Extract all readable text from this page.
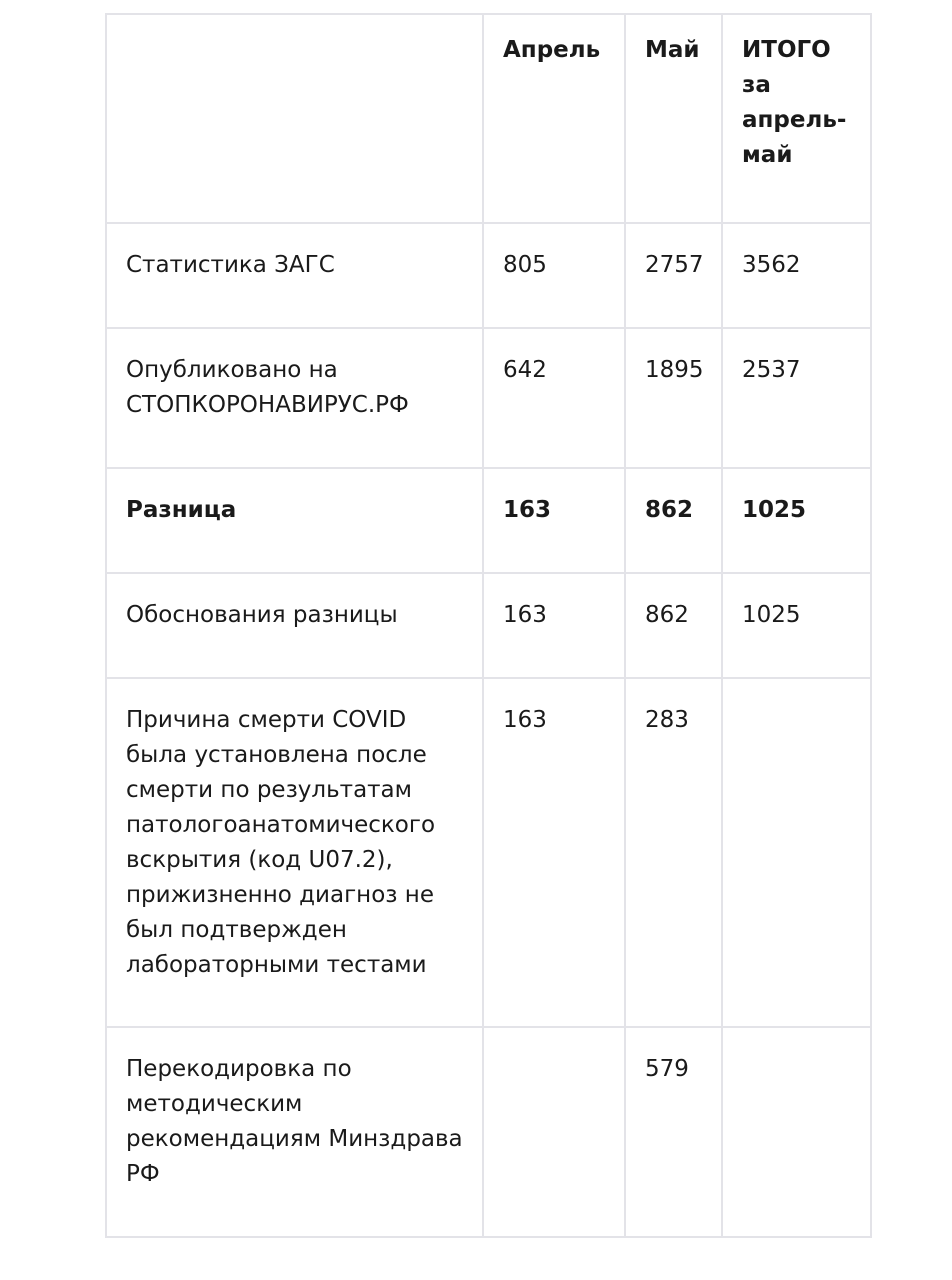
	Апрель	Май	ИТОГО за апрель-май
Статистика ЗАГС	805	2757	3562
Опубликовано на СТОПКОРОНАВИРУС.РФ	642	1895	2537
Разница	163	862	1025
Обоснования разницы	163	862	1025
Причина смерти COVID была установлена после смерти по результатам патологоанатомического вскрытия (код U07.2), прижизненно диагноз не был подтвержден лабораторными тестами	163	283	
Перекодировка по методическим рекомендациям Минздрава РФ		579	
